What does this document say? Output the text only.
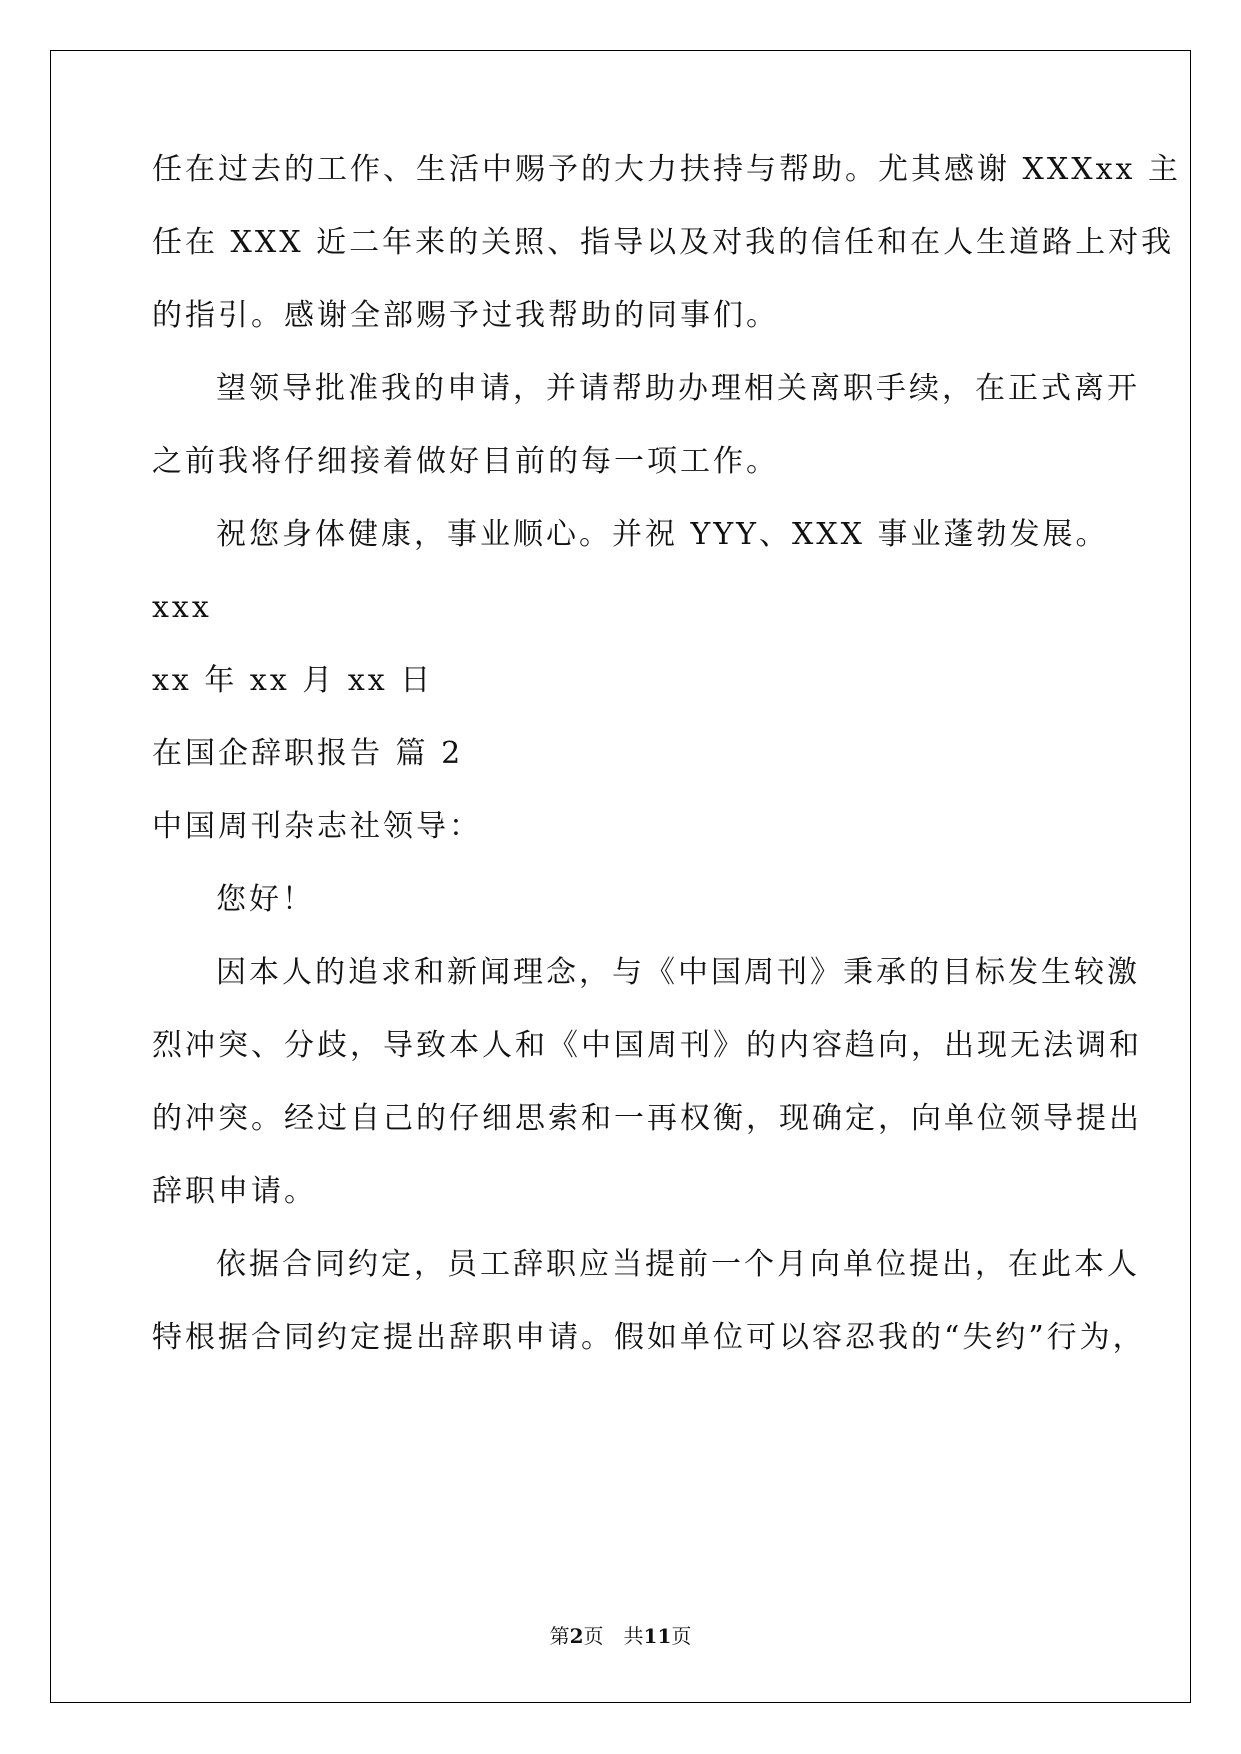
任在过去的工作、生活中赐予的大力扶持与帮助。尤其感谢 XXXxx 主
任在 XXX 近二年来的关照、指导以及对我的信任和在人生道路上对我
的指引。感谢全部赐予过我帮助的同事们。
望领导批准我的申请，并请帮助办理相关离职手续，在正式离开
之前我将仔细接着做好目前的每一项工作。
祝您身体健康，事业顺心。并祝 YYY、XXX 事业蓬勃发展。
xxx
xx 年 xx 月 xx 日
在国企辞职报告 篇 2
中国周刊杂志社领导：
您好！
因本人的追求和新闻理念，与《中国周刊》秉承的目标发生较激
烈冲突、分歧，导致本人和《中国周刊》的内容趋向，出现无法调和
的冲突。经过自己的仔细思索和一再权衡，现确定，向单位领导提出
辞职申请。
依据合同约定，员工辞职应当提前一个月向单位提出，在此本人
特根据合同约定提出辞职申请。假如单位可以容忍我的“失约”行为，
第2页　共11页
